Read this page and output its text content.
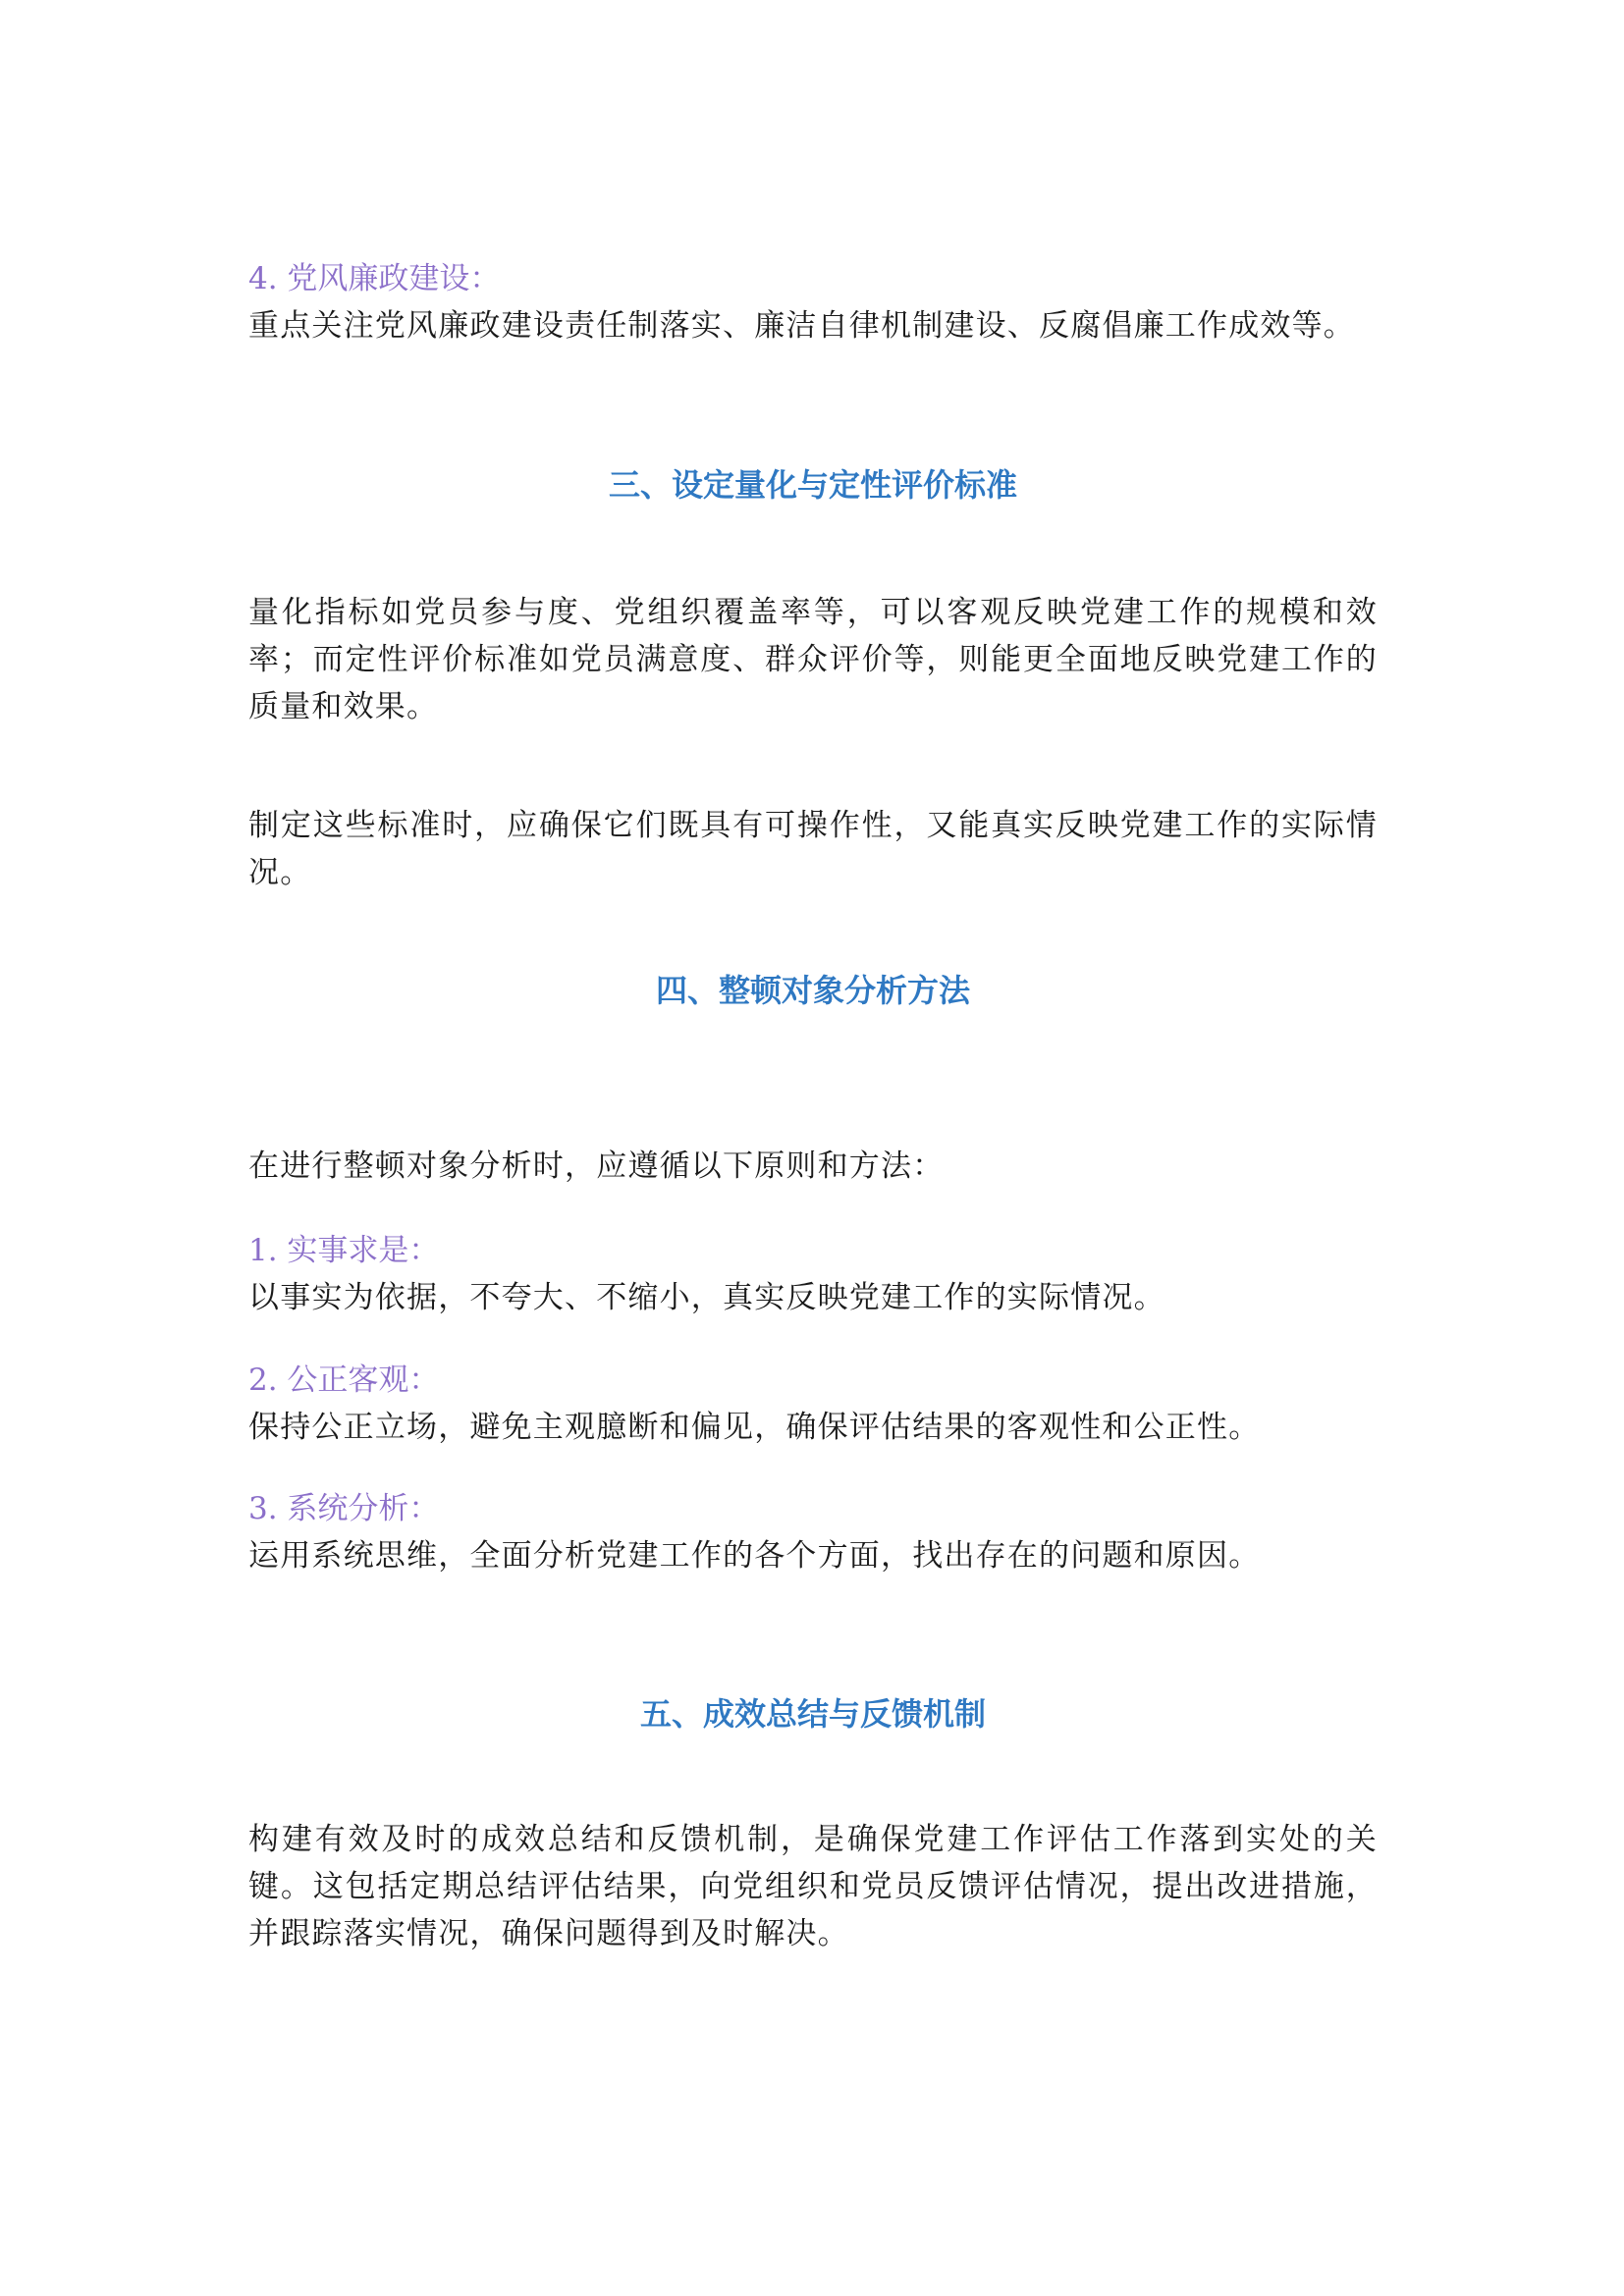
4. 党风廉政建设：

重点关注党风廉政建设责任制落实、廉洁自律机制建设、反腐倡廉工作成效等。

三、设定量化与定性评价标准

量化指标如党员参与度、党组织覆盖率等，可以客观反映党建工作的规模和效率；而定性评价标准如党员满意度、群众评价等，则能更全面地反映党建工作的质量和效果。

制定这些标准时，应确保它们既具有可操作性，又能真实反映党建工作的实际情况。

四、整顿对象分析方法

在进行整顿对象分析时，应遵循以下原则和方法：

1. 实事求是：

以事实为依据，不夸大、不缩小，真实反映党建工作的实际情况。

2. 公正客观：

保持公正立场，避免主观臆断和偏见，确保评估结果的客观性和公正性。

3. 系统分析：

运用系统思维，全面分析党建工作的各个方面，找出存在的问题和原因。

五、成效总结与反馈机制

构建有效及时的成效总结和反馈机制，是确保党建工作评估工作落到实处的关键。这包括定期总结评估结果，向党组织和党员反馈评估情况，提出改进措施，并跟踪落实情况，确保问题得到及时解决。
